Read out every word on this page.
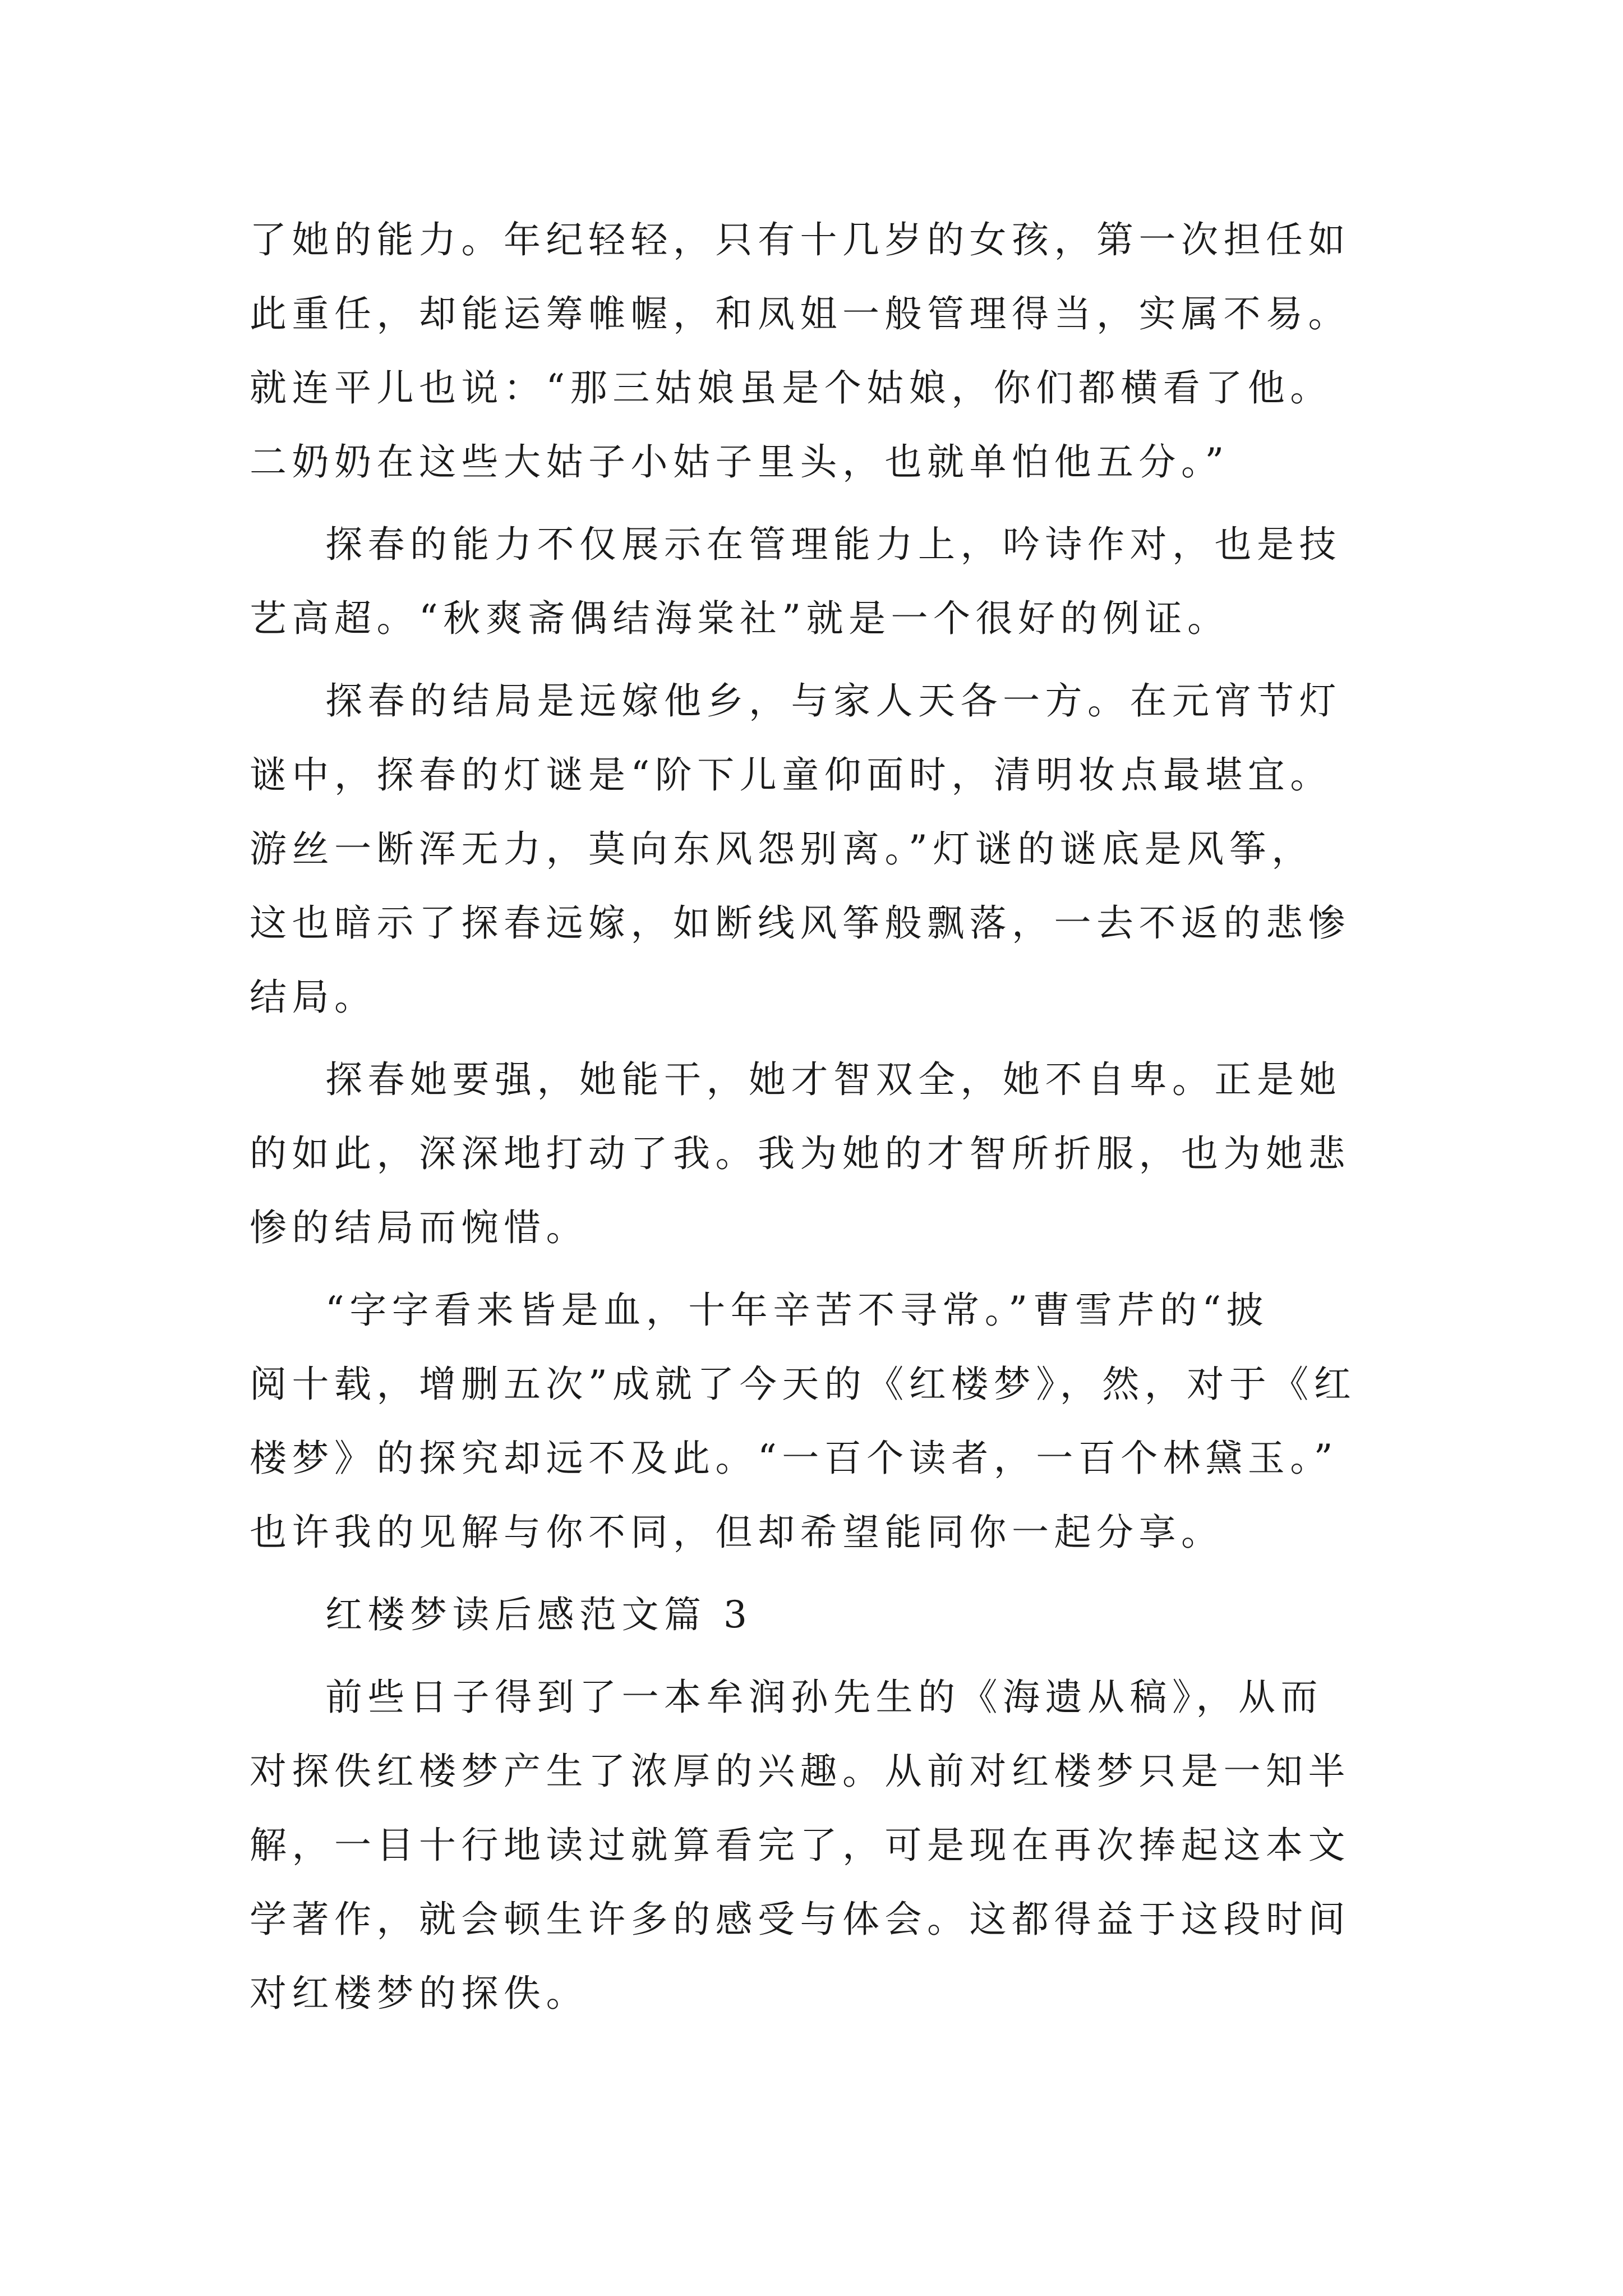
了她的能力。年纪轻轻，只有十几岁的女孩，第一次担任如
此重任，却能运筹帷幄，和凤姐一般管理得当，实属不易。
就连平儿也说：“那三姑娘虽是个姑娘，你们都横看了他。
二奶奶在这些大姑子小姑子里头，也就单怕他五分。”
探春的能力不仅展示在管理能力上，吟诗作对，也是技
艺高超。“秋爽斋偶结海棠社”就是一个很好的例证。
探春的结局是远嫁他乡，与家人天各一方。在元宵节灯
谜中，探春的灯谜是“阶下儿童仰面时，清明妆点最堪宜。
游丝一断浑无力，莫向东风怨别离。”灯谜的谜底是风筝，
这也暗示了探春远嫁，如断线风筝般飘落，一去不返的悲惨
结局。
探春她要强，她能干，她才智双全，她不自卑。正是她
的如此，深深地打动了我。我为她的才智所折服，也为她悲
惨的结局而惋惜。
“字字看来皆是血，十年辛苦不寻常。”曹雪芹的“披
阅十载，增删五次”成就了今天的《红楼梦》，然，对于《红
楼梦》的探究却远不及此。“一百个读者，一百个林黛玉。”
也许我的见解与你不同，但却希望能同你一起分享。
红楼梦读后感范文篇 3
前些日子得到了一本牟润孙先生的《海遗从稿》，从而
对探佚红楼梦产生了浓厚的兴趣。从前对红楼梦只是一知半
解，一目十行地读过就算看完了，可是现在再次捧起这本文
学著作，就会顿生许多的感受与体会。这都得益于这段时间
对红楼梦的探佚。
